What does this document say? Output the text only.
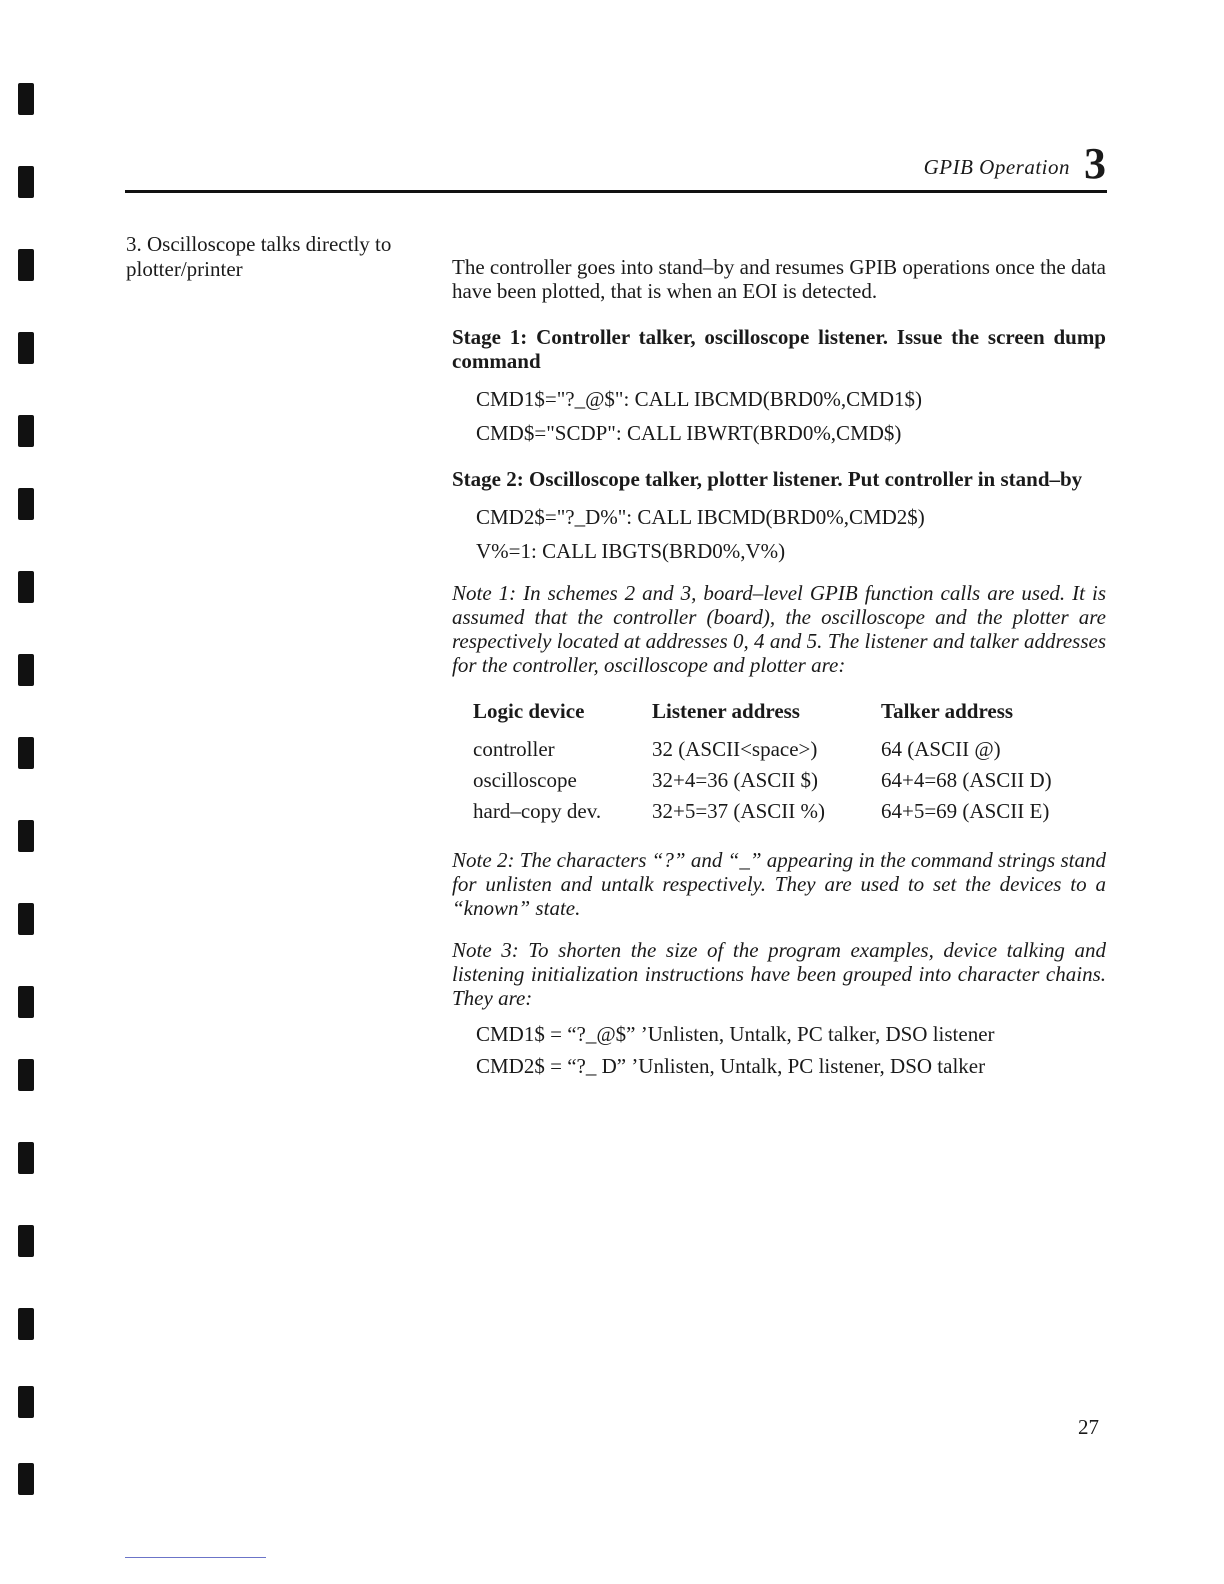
GPIB Operation 3
3. Oscilloscope talks directly to plotter/printer	The controller goes into stand–by and resumes GPIB operations once the data have been plotted, that is when an EOI is detected.

Stage 1: Controller talker, oscilloscope listener. Issue the screen dump command

CMD1$="?_@$": CALL IBCMD(BRD0%,CMD1$)

CMD$="SCDP": CALL IBWRT(BRD0%,CMD$)

Stage 2: Oscilloscope talker, plotter listener. Put controller in stand–by

CMD2$="?_D%": CALL IBCMD(BRD0%,CMD2$)

V%=1: CALL IBGTS(BRD0%,V%)

Note 1: In schemes 2 and 3, board–level GPIB function calls are used. It is assumed that the controller (board), the oscilloscope and the plotter are respectively located at addresses 0, 4 and 5. The listener and talker addresses for the controller, oscilloscope and plotter are:

Logic device	Listener address	Talker address
controller	32 (ASCII<space>)	64 (ASCII @)
oscilloscope	32+4=36 (ASCII $)	64+4=68 (ASCII D)
hard–copy dev.	32+5=37 (ASCII %)	64+5=69 (ASCII E)

Note 2: The characters “?” and “_” appearing in the command strings stand for unlisten and untalk respectively. They are used to set the devices to a “known” state.

Note 3: To shorten the size of the program examples, device talking and listening initialization instructions have been grouped into character chains. They are:

CMD1$ = “?_@$” ’Unlisten, Untalk, PC talker, DSO listener

CMD2$ = “?_ D” ’Unlisten, Untalk, PC listener, DSO talker

27
